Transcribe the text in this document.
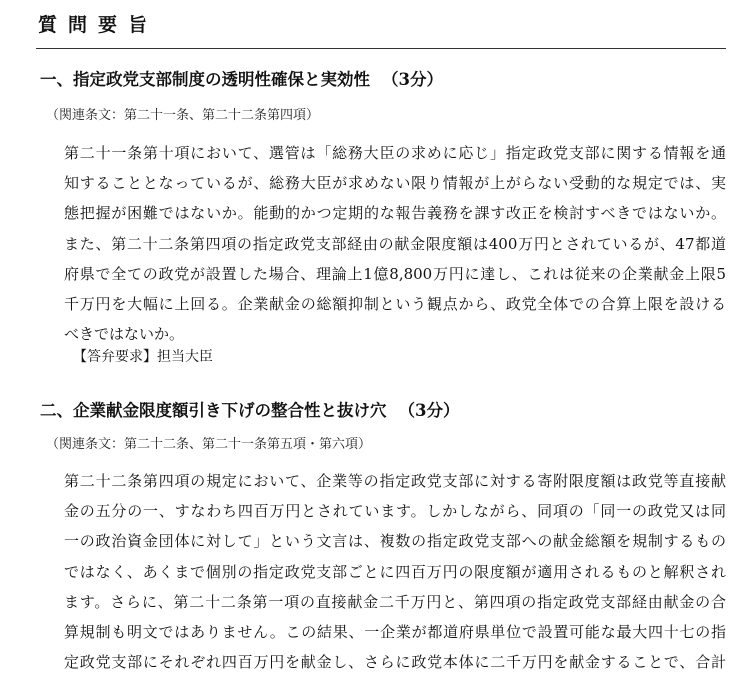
質問要旨
一、指定政党支部制度の透明性確保と実効性 （3分）
（関連条文：第二十一条、第二十二条第四項）
第二十一条第十項において、選管は「総務大臣の求めに応じ」指定政党支部に関する情報を通
知することとなっているが、総務大臣が求めない限り情報が上がらない受動的な規定では、実
態把握が困難ではないか。能動的かつ定期的な報告義務を課す改正を検討すべきではないか。
また、第二十二条第四項の指定政党支部経由の献金限度額は400万円とされているが、47都道
府県で全ての政党が設置した場合、理論上1億8,800万円に達し、これは従来の企業献金上限5
千万円を大幅に上回る。企業献金の総額抑制という観点から、政党全体での合算上限を設ける
べきではないか。
【答弁要求】担当大臣
二、企業献金限度額引き下げの整合性と抜け穴 （3分）
（関連条文：第二十二条、第二十一条第五項・第六項）
第二十二条第四項の規定において、企業等の指定政党支部に対する寄附限度額は政党等直接献
金の五分の一、すなわち四百万円とされています。しかしながら、同項の「同一の政党又は同
一の政治資金団体に対して」という文言は、複数の指定政党支部への献金総額を規制するもの
ではなく、あくまで個別の指定政党支部ごとに四百万円の限度額が適用されるものと解釈され
ます。さらに、第二十二条第一項の直接献金二千万円と、第四項の指定政党支部経由献金の合
算規制も明文ではありません。この結果、一企業が都道府県単位で設置可能な最大四十七の指
定政党支部にそれぞれ四百万円を献金し、さらに政党本体に二千万円を献金することで、合計
